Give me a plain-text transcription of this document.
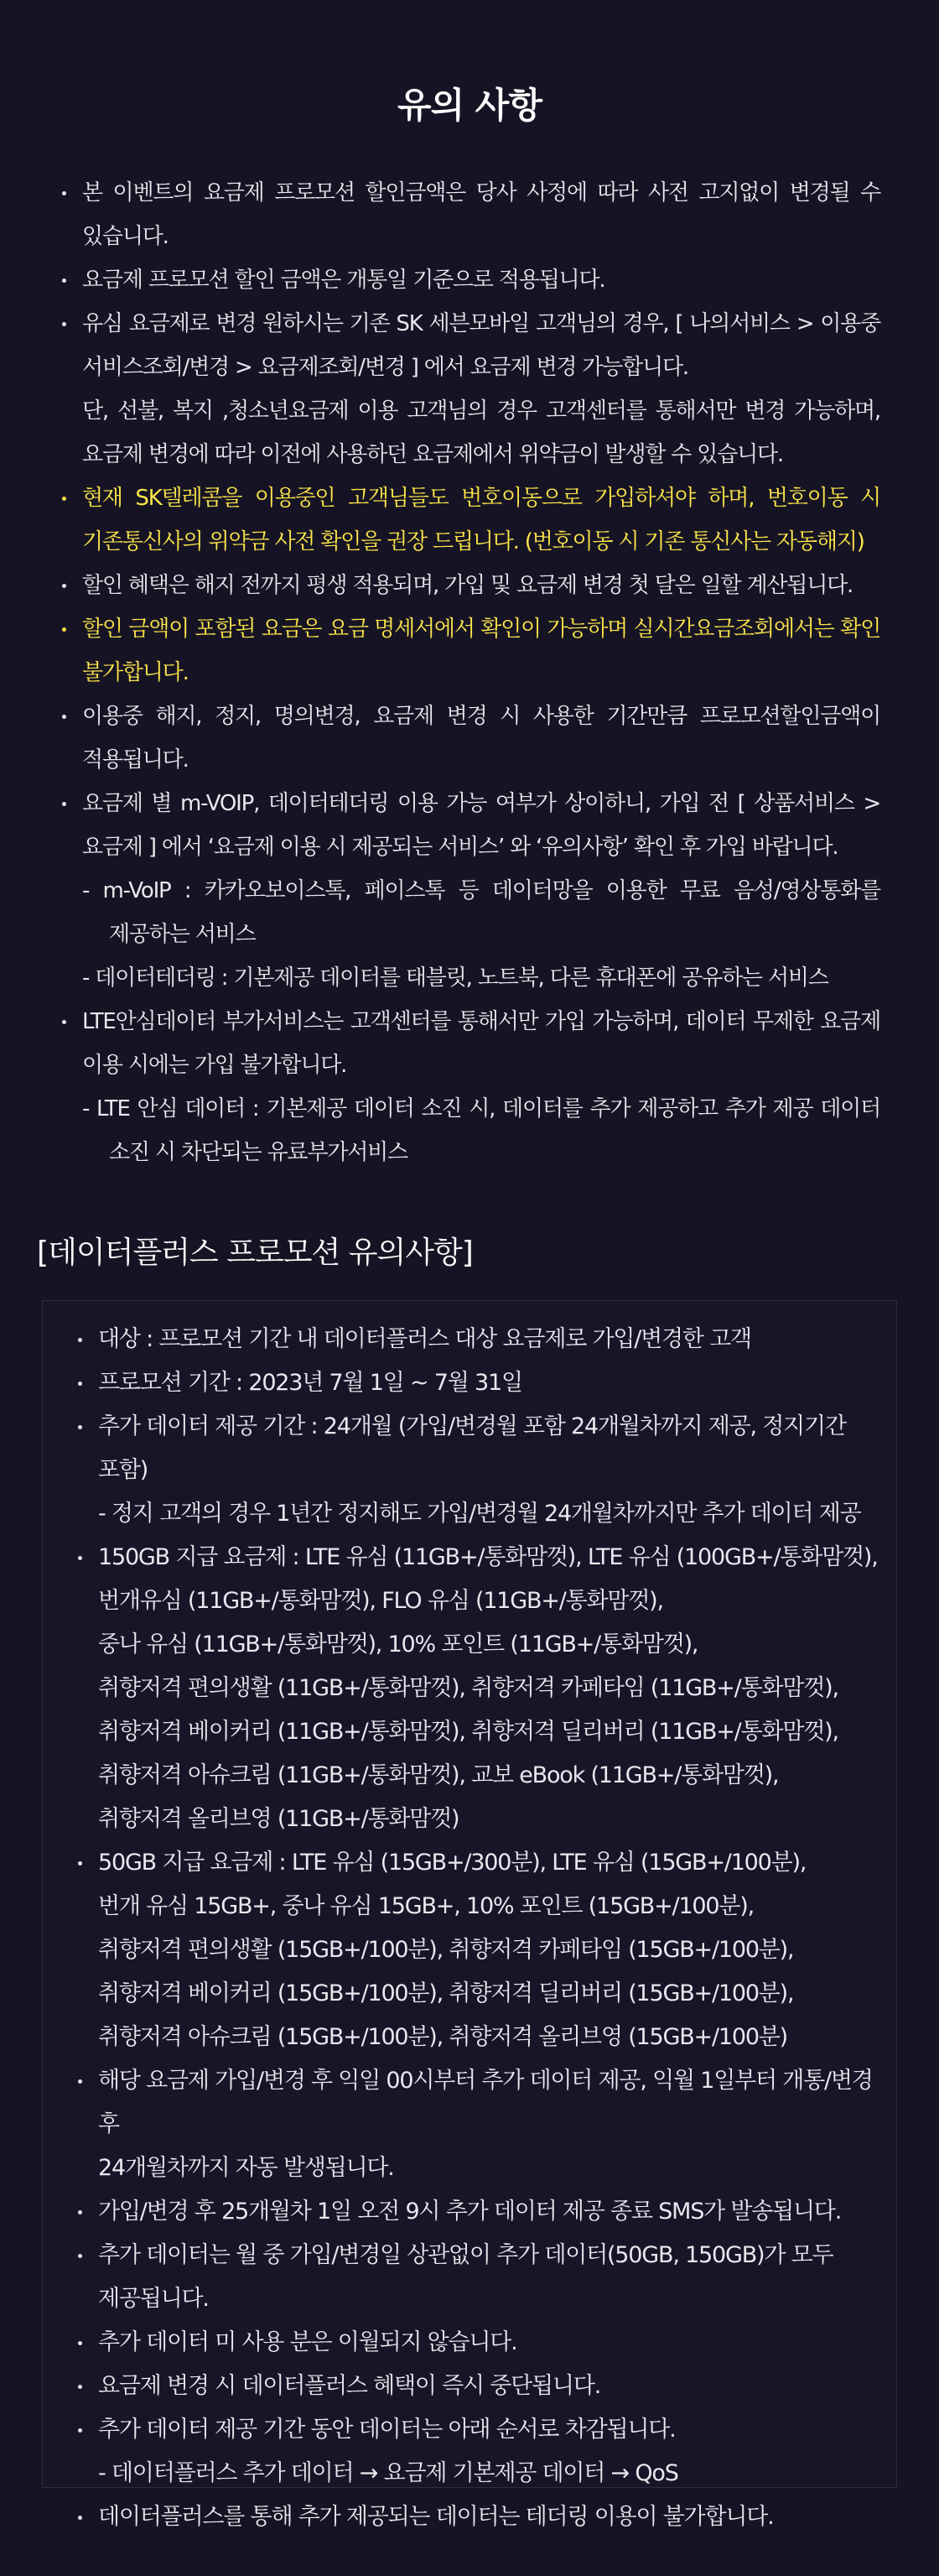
유의 사항
본 이벤트의 요금제 프로모션 할인금액은 당사 사정에 따라 사전 고지없이 변경될 수 있습니다.
요금제 프로모션 할인 금액은 개통일 기준으로 적용됩니다.
유심 요금제로 변경 원하시는 기존 SK 세븐모바일 고객님의 경우, [ 나의서비스 > 이용중 서비스조회/변경 > 요금제조회/변경 ] 에서 요금제 변경 가능합니다.
단, 선불, 복지 ,청소년요금제 이용 고객님의 경우 고객센터를 통해서만 변경 가능하며, 요금제 변경에 따라 이전에 사용하던 요금제에서 위약금이 발생할 수 있습니다.
현재 SK텔레콤을 이용중인 고객님들도 번호이동으로 가입하셔야 하며, 번호이동 시 기존통신사의 위약금 사전 확인을 권장 드립니다. (번호이동 시 기존 통신사는 자동해지)
할인 혜택은 해지 전까지 평생 적용되며, 가입 및 요금제 변경 첫 달은 일할 계산됩니다.
할인 금액이 포함된 요금은 요금 명세서에서 확인이 가능하며 실시간요금조회에서는 확인 불가합니다.
이용중 해지, 정지, 명의변경, 요금제 변경 시 사용한 기간만큼 프로모션할인금액이 적용됩니다.
요금제 별 m-VOIP, 데이터테더링 이용 가능 여부가 상이하니, 가입 전 [ 상품서비스 > 요금제 ] 에서 ‘요금제 이용 시 제공되는 서비스’ 와 ‘유의사항’ 확인 후 가입 바랍니다.
- m-VoIP : 카카오보이스톡, 페이스톡 등 데이터망을 이용한 무료 음성/영상통화를 제공하는 서비스
- 데이터테더링 : 기본제공 데이터를 태블릿, 노트북, 다른 휴대폰에 공유하는 서비스
LTE안심데이터 부가서비스는 고객센터를 통해서만 가입 가능하며, 데이터 무제한 요금제 이용 시에는 가입 불가합니다.
- LTE 안심 데이터 : 기본제공 데이터 소진 시, 데이터를 추가 제공하고 추가 제공 데이터 소진 시 차단되는 유료부가서비스
[데이터플러스 프로모션 유의사항]
대상 : 프로모션 기간 내 데이터플러스 대상 요금제로 가입/변경한 고객
프로모션 기간 : 2023년 7월 1일 ~ 7월 31일
추가 데이터 제공 기간 : 24개월 (가입/변경월 포함 24개월차까지 제공, 정지기간 포함)
- 정지 고객의 경우 1년간 정지해도 가입/변경월 24개월차까지만 추가 데이터 제공
150GB 지급 요금제 : LTE 유심 (11GB+/통화맘껏), LTE 유심 (100GB+/통화맘껏),
번개유심 (11GB+/통화맘껏), FLO 유심 (11GB+/통화맘껏),
중나 유심 (11GB+/통화맘껏), 10% 포인트 (11GB+/통화맘껏),
취향저격 편의생활 (11GB+/통화맘껏), 취향저격 카페타임 (11GB+/통화맘껏),
취향저격 베이커리 (11GB+/통화맘껏), 취향저격 딜리버리 (11GB+/통화맘껏),
취향저격 아슈크림 (11GB+/통화맘껏), 교보 eBook (11GB+/통화맘껏),
취향저격 올리브영 (11GB+/통화맘껏)
50GB 지급 요금제 : LTE 유심 (15GB+/300분), LTE 유심 (15GB+/100분),
번개 유심 15GB+, 중나 유심 15GB+, 10% 포인트 (15GB+/100분),
취향저격 편의생활 (15GB+/100분), 취향저격 카페타임 (15GB+/100분),
취향저격 베이커리 (15GB+/100분), 취향저격 딜리버리 (15GB+/100분),
취향저격 아슈크림 (15GB+/100분), 취향저격 올리브영 (15GB+/100분)
해당 요금제 가입/변경 후 익일 00시부터 추가 데이터 제공, 익월 1일부터 개통/변경 후
24개월차까지 자동 발생됩니다.
가입/변경 후 25개월차 1일 오전 9시 추가 데이터 제공 종료 SMS가 발송됩니다.
추가 데이터는 월 중 가입/변경일 상관없이 추가 데이터(50GB, 150GB)가 모두
제공됩니다.
추가 데이터 미 사용 분은 이월되지 않습니다.
요금제 변경 시 데이터플러스 혜택이 즉시 중단됩니다.
추가 데이터 제공 기간 동안 데이터는 아래 순서로 차감됩니다.
- 데이터플러스 추가 데이터 → 요금제 기본제공 데이터 → QoS
데이터플러스를 통해 추가 제공되는 데이터는 테더링 이용이 불가합니다.
